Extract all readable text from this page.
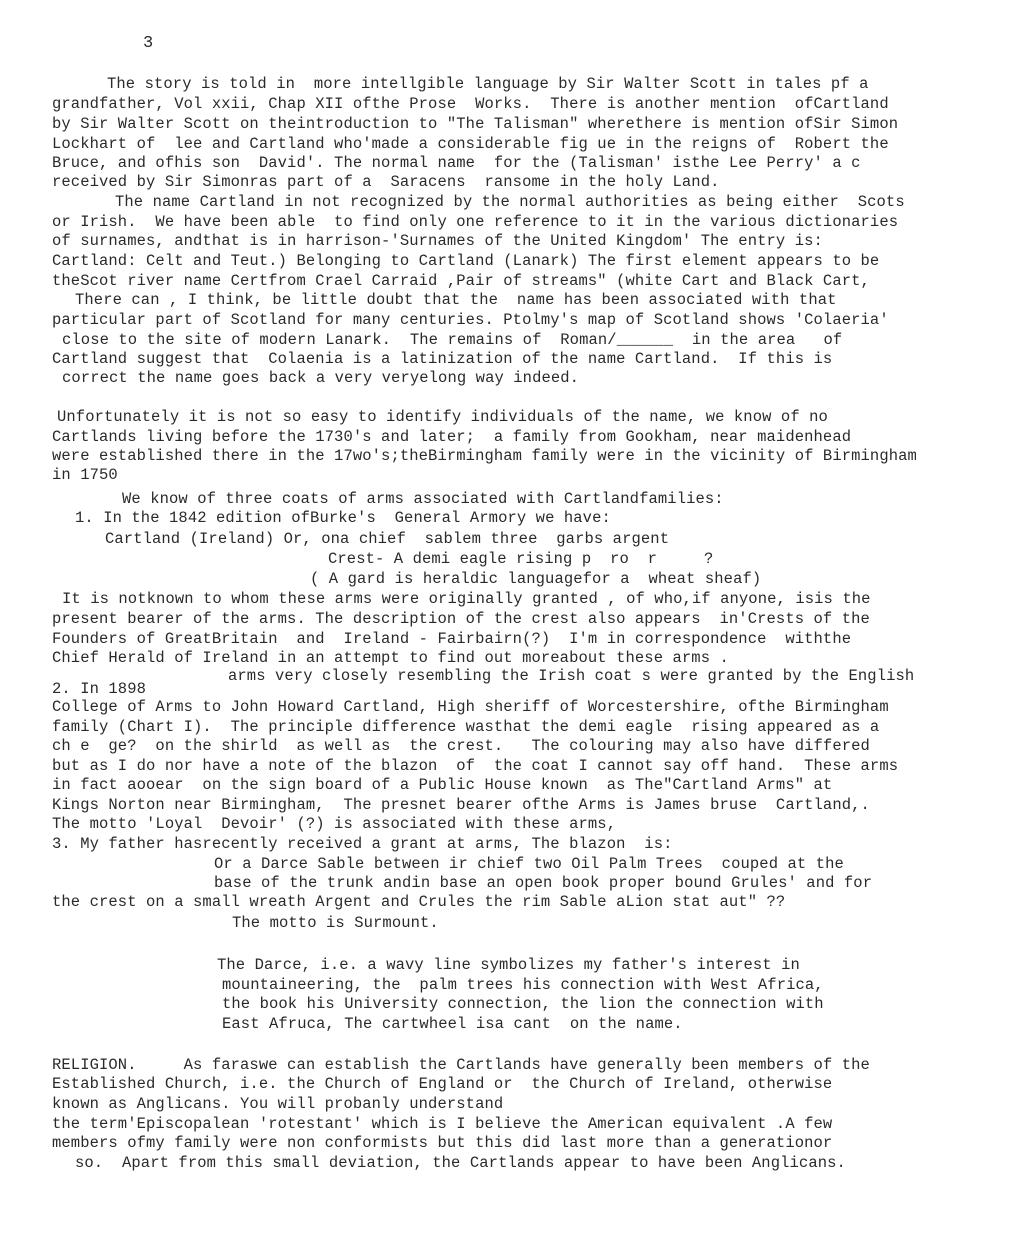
3
The story is told in  more intellgible language by Sir Walter Scott in tales pf a
grandfather, Vol xxii, Chap XII ofthe Prose  Works.  There is another mention  ofCartland
by Sir Walter Scott on theintroduction to "The Talisman" wherethere is mention ofSir Simon
Lockhart of  lee and Cartland who'made a considerable fig ue in the reigns of  Robert the
Bruce, and ofhis son  David'. The normal name  for the (Talisman' isthe Lee Perry' a c
received by Sir Simonras part of a  Saracens  ransome in the holy Land.
The name Cartland in not recognized by the normal authorities as being either  Scots
or Irish.  We have been able  to find only one reference to it in the various dictionaries
of surnames, andthat is in harrison-'Surnames of the United Kingdom' The entry is:
Cartland: Celt and Teut.) Belonging to Cartland (Lanark) The first element appears to be
theScot river name Certfrom Crael Carraid ,Pair of streams" (white Cart and Black Cart,
There can , I think, be little doubt that the  name has been associated with that
particular part of Scotland for many centuries. Ptolmy's map of Scotland shows 'Colaeria'
close to the site of modern Lanark.  The remains of  Roman/______  in the area   of
Cartland suggest that  Colaenia is a latinization of the name Cartland.  If this is
correct the name goes back a very veryelong way indeed.
Unfortunately it is not so easy to identify individuals of the name, we know of no
Cartlands living before the 1730's and later;  a family from Gookham, near maidenhead
were established there in the 17wo's;theBirmingham family were in the vicinity of Birmingham
in 1750
We know of three coats of arms associated with Cartlandfamilies:
1. In the 1842 edition ofBurke's  General Armory we have:
Cartland (Ireland) Or, ona chief  sablem three  garbs argent
Crest- A demi eagle rising p  ro  r     ?
( A gard is heraldic languagefor a  wheat sheaf)
It is notknown to whom these arms were originally granted , of who,if anyone, isis the
present bearer of the arms. The description of the crest also appears  in'Crests of the
Founders of GreatBritain  and  Ireland - Fairbairn(?)  I'm in correspondence  withthe
Chief Herald of Ireland in an attempt to find out moreabout these arms .
arms very closely resembling the Irish coat s were granted by the English
2. In 1898
College of Arms to John Howard Cartland, High sheriff of Worcestershire, ofthe Birmingham
family (Chart I).  The principle difference wasthat the demi eagle  rising appeared as a
ch e  ge?  on the shirld  as well as  the crest.   The colouring may also have differed
but as I do nor have a note of the blazon  of  the coat I cannot say off hand.  These arms
in fact aooear  on the sign board of a Public House known  as The"Cartland Arms" at
Kings Norton near Birmingham,  The presnet bearer ofthe Arms is James bruse  Cartland,.
The motto 'Loyal  Devoir' (?) is associated with these arms,
3. My father hasrecently received a grant at arms, The blazon  is:
Or a Darce Sable between ir chief two Oil Palm Trees  couped at the
base of the trunk andin base an open book proper bound Grules' and for
the crest on a small wreath Argent and Crules the rim Sable aLion stat aut" ??
The motto is Surmount.
The Darce, i.e. a wavy line symbolizes my father's interest in
mountaineering, the  palm trees his connection with West Africa,
the book his University connection, the lion the connection with
East Afruca, The cartwheel isa cant  on the name.
RELIGION.     As faraswe can establish the Cartlands have generally been members of the
Established Church, i.e. the Church of England or  the Church of Ireland, otherwise
known as Anglicans. You will probanly understand
the term'Episcopalean 'rotestant' which is I believe the American equivalent .A few
members ofmy family were non conformists but this did last more than a generationor
so.  Apart from this small deviation, the Cartlands appear to have been Anglicans.
